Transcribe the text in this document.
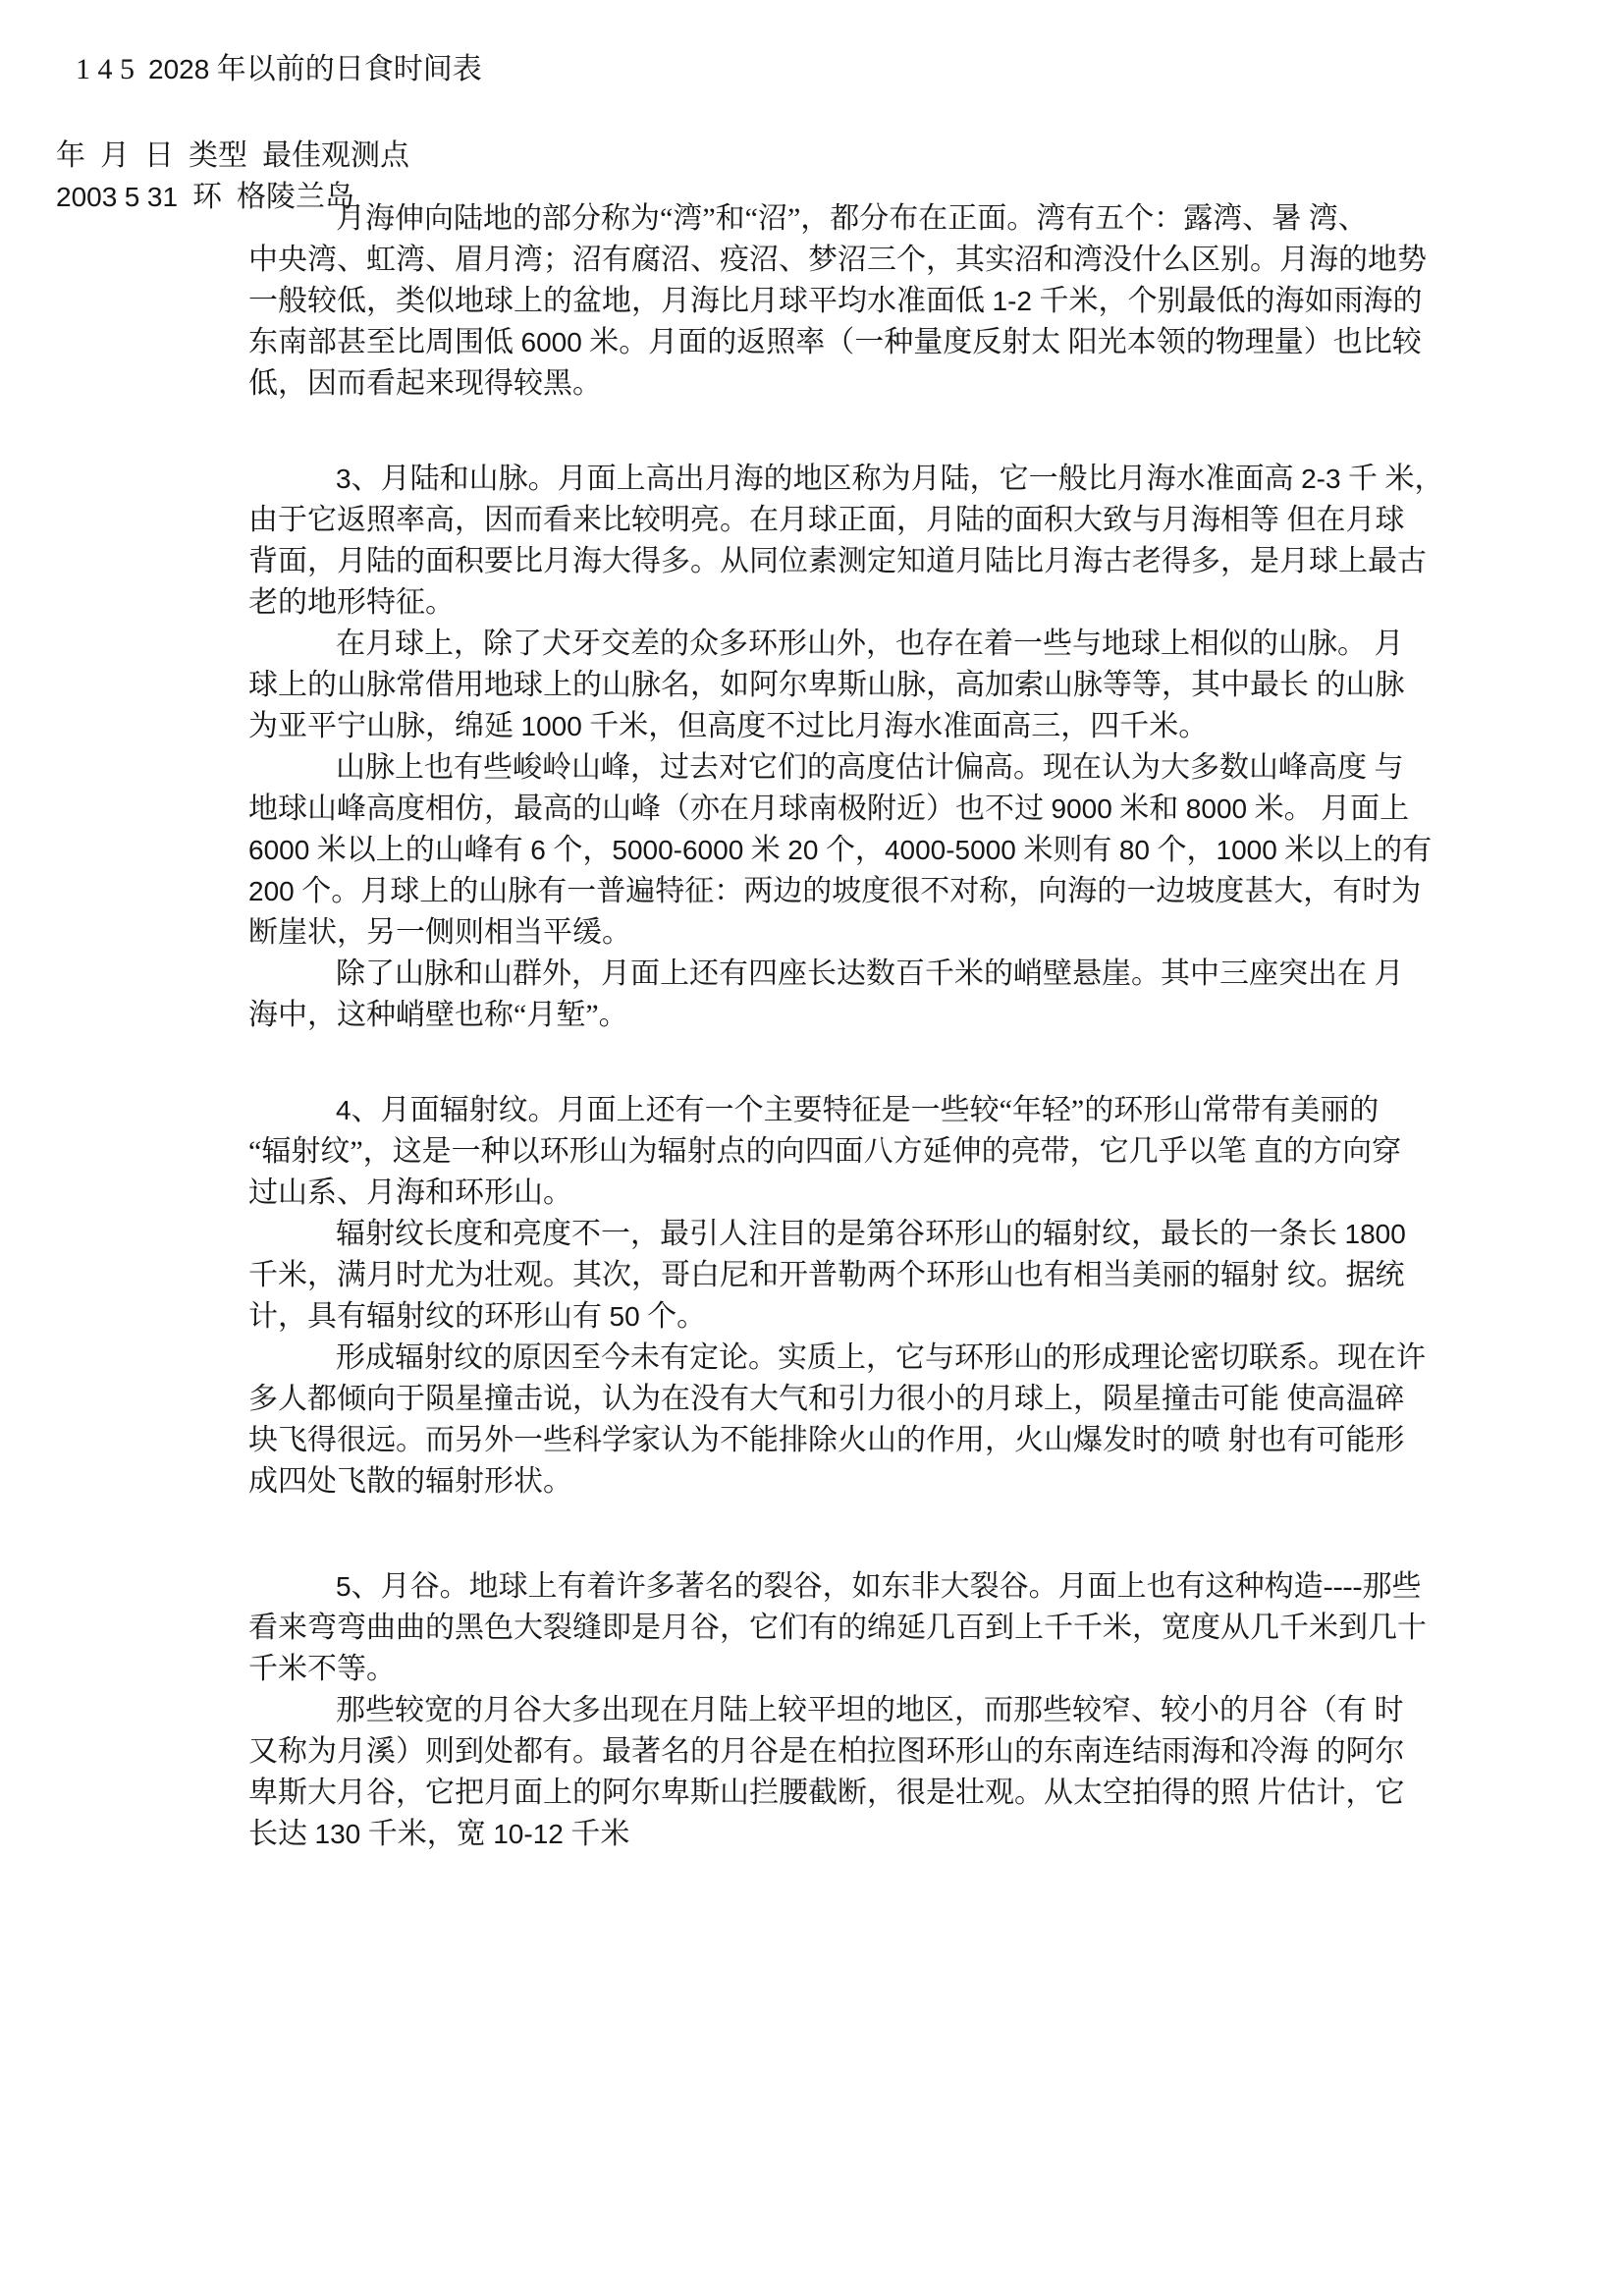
月海伸向陆地的部分称为“湾”和“沼”，都分布在正面。湾有五个：露湾、暑 湾、
中央湾、虹湾、眉月湾；沼有腐沼、疫沼、梦沼三个，其实沼和湾没什么区别。月海的地势
一般较低，类似地球上的盆地，月海比月球平均水准面低 1-2 千米，个别最低的海如雨海的
东南部甚至比周围低 6000 米。月面的返照率（一种量度反射太 阳光本领的物理量）也比较
低，因而看起来现得较黑。
3、月陆和山脉。月面上高出月海的地区称为月陆，它一般比月海水准面高 2-3 千 米，
由于它返照率高，因而看来比较明亮。在月球正面，月陆的面积大致与月海相等 但在月球
背面，月陆的面积要比月海大得多。从同位素测定知道月陆比月海古老得多，是月球上最古
老的地形特征。
在月球上，除了犬牙交差的众多环形山外，也存在着一些与地球上相似的山脉。 月
球上的山脉常借用地球上的山脉名，如阿尔卑斯山脉，高加索山脉等等，其中最长 的山脉
为亚平宁山脉，绵延 1000 千米，但高度不过比月海水准面高三，四千米。
山脉上也有些峻岭山峰，过去对它们的高度估计偏高。现在认为大多数山峰高度 与
地球山峰高度相仿，最高的山峰（亦在月球南极附近）也不过 9000 米和 8000 米。 月面上
6000 米以上的山峰有 6 个，5000-6000 米 20 个，4000-5000 米则有 80 个，1000 米以上的有
200 个。月球上的山脉有一普遍特征：两边的坡度很不对称，向海的一边坡度甚大，有时为
断崖状，另一侧则相当平缓。
除了山脉和山群外，月面上还有四座长达数百千米的峭壁悬崖。其中三座突出在 月
海中，这种峭壁也称“月堑”。
4、月面辐射纹。月面上还有一个主要特征是一些较“年轻”的环形山常带有美丽的
“辐射纹”，这是一种以环形山为辐射点的向四面八方延伸的亮带，它几乎以笔 直的方向穿
过山系、月海和环形山。
辐射纹长度和亮度不一，最引人注目的是第谷环形山的辐射纹，最长的一条长 1800
千米，满月时尤为壮观。其次，哥白尼和开普勒两个环形山也有相当美丽的辐射 纹。据统
计，具有辐射纹的环形山有 50 个。
形成辐射纹的原因至今未有定论。实质上，它与环形山的形成理论密切联系。现在许
多人都倾向于陨星撞击说，认为在没有大气和引力很小的月球上，陨星撞击可能 使高温碎
块飞得很远。而另外一些科学家认为不能排除火山的作用，火山爆发时的喷 射也有可能形
成四处飞散的辐射形状。
5、月谷。地球上有着许多著名的裂谷，如东非大裂谷。月面上也有这种构造----那些
看来弯弯曲曲的黑色大裂缝即是月谷，它们有的绵延几百到上千千米，宽度从几千米到几十
千米不等。
那些较宽的月谷大多出现在月陆上较平坦的地区，而那些较窄、较小的月谷（有 时
又称为月溪）则到处都有。最著名的月谷是在柏拉图环形山的东南连结雨海和冷海 的阿尔
卑斯大月谷，它把月面上的阿尔卑斯山拦腰截断，很是壮观。从太空拍得的照 片估计，它
长达 130 千米，宽 10-12 千米
1 4 5 2028 年以前的日食时间表
年  月  日  类型  最佳观测点
2003 5 31  环  格陵兰岛
